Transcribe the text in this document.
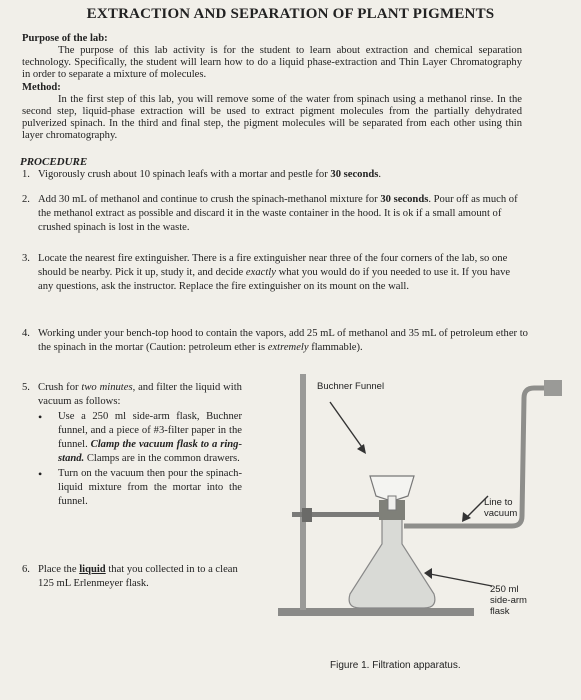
EXTRACTION AND SEPARATION OF PLANT PIGMENTS
Purpose of the lab:
The purpose of this lab activity is for the student to learn about extraction and chemical separation technology. Specifically, the student will learn how to do a liquid phase-extraction and Thin Layer Chromatography in order to separate a mixture of molecules.
Method:
In the first step of this lab, you will remove some of the water from spinach using a methanol rinse. In the second step, liquid-phase extraction will be used to extract pigment molecules from the partially dehydrated pulverized spinach. In the third and final step, the pigment molecules will be separated from each other using thin layer chromatography.
PROCEDURE
1. Vigorously crush about 10 spinach leafs with a mortar and pestle for 30 seconds.
2. Add 30 mL of methanol and continue to crush the spinach-methanol mixture for 30 seconds. Pour off as much of the methanol extract as possible and discard it in the waste container in the hood. It is ok if a small amount of crushed spinach is lost in the waste.
3. Locate the nearest fire extinguisher. There is a fire extinguisher near three of the four corners of the lab, so one should be nearby. Pick it up, study it, and decide exactly what you would do if you needed to use it. If you have any questions, ask the instructor. Replace the fire extinguisher on its mount on the wall.
4. Working under your bench-top hood to contain the vapors, add 25 mL of methanol and 35 mL of petroleum ether to the spinach in the mortar (Caution: petroleum ether is extremely flammable).
5. Crush for two minutes, and filter the liquid with vacuum as follows:
• Use a 250 ml side-arm flask, Buchner funnel, and a piece of #3-filter paper in the funnel. Clamp the vacuum flask to a ring-stand. Clamps are in the common drawers.
• Turn on the vacuum then pour the spinach-liquid mixture from the mortar into the funnel.
6. Place the liquid that you collected in to a clean 125 mL Erlenmeyer flask.
Buchner Funnel
Line to
vacuum
250 ml
side-arm
flask
Figure 1. Filtration apparatus.
